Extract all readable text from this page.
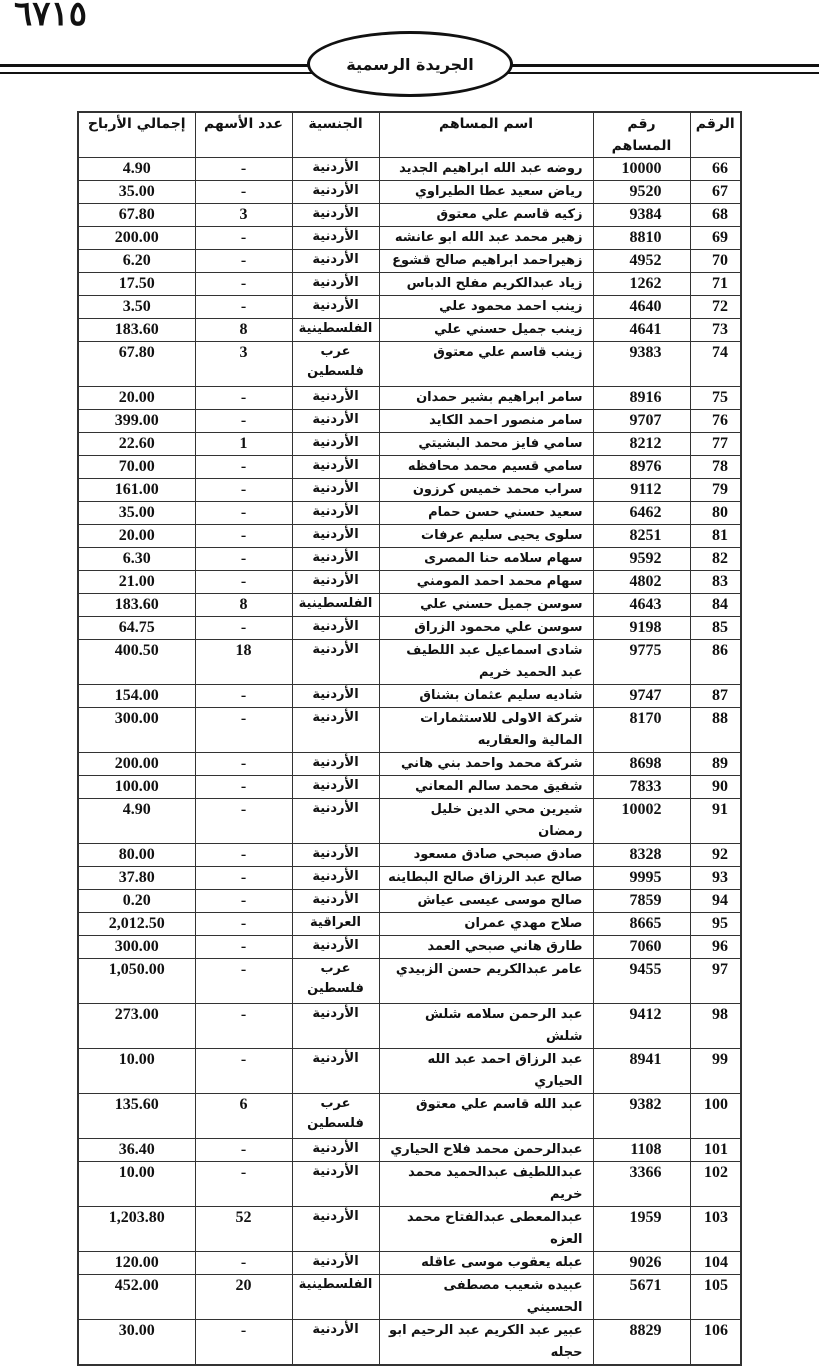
٦٧١٥
الجريدة الرسمية
الرقم	رقم المساهم	اسم المساهم	الجنسية	عدد الأسهم	إجمالي الأرباح
66	10000	روضه عبد الله ابراهيم الجديد	الأردنية	-	4.90
67	9520	رياض سعيد عطا الطيراوي	الأردنية	-	35.00
68	9384	زكيه قاسم علي معتوق	الأردنية	3	67.80
69	8810	زهير محمد عبد الله ابو عانشه	الأردنية	-	200.00
70	4952	زهيراحمد ابراهيم صالح قشوع	الأردنية	-	6.20
71	1262	زياد عبدالكريم مفلح الدباس	الأردنية	-	17.50
72	4640	زينب احمد محمود علي	الأردنية	-	3.50
73	4641	زينب جميل حسني علي	الفلسطينية	8	183.60
74	9383	زينب قاسم علي معتوق	عرب فلسطين	3	67.80
75	8916	سامر ابراهيم بشير حمدان	الأردنية	-	20.00
76	9707	سامر منصور احمد الكايد	الأردنية	-	399.00
77	8212	سامي فايز محمد البشيتي	الأردنية	1	22.60
78	8976	سامي قسيم محمد محافظه	الأردنية	-	70.00
79	9112	سراب محمد خميس كرزون	الأردنية	-	161.00
80	6462	سعيد حسني حسن حمام	الأردنية	-	35.00
81	8251	سلوى يحيى سليم عرفات	الأردنية	-	20.00
82	9592	سهام سلامه حنا المصرى	الأردنية	-	6.30
83	4802	سهام محمد احمد المومني	الأردنية	-	21.00
84	4643	سوسن جميل حسني علي	الفلسطينية	8	183.60
85	9198	سوسن علي محمود الزراق	الأردنية	-	64.75
86	9775	شادى اسماعيل عبد اللطيف عبد الحميد خريم	الأردنية	18	400.50
87	9747	شاديه سليم عثمان بشناق	الأردنية	-	154.00
88	8170	شركة الاولى للاستثمارات المالية والعقاريه	الأردنية	-	300.00
89	8698	شركة محمد واحمد بني هاني	الأردنية	-	200.00
90	7833	شفيق محمد سالم المعاني	الأردنية	-	100.00
91	10002	شيرين محي الدين خليل رمضان	الأردنية	-	4.90
92	8328	صادق صبحي صادق مسعود	الأردنية	-	80.00
93	9995	صالح عبد الرزاق صالح البطاينه	الأردنية	-	37.80
94	7859	صالح موسى عيسى عياش	الأردنية	-	0.20
95	8665	صلاح مهدي عمران	العراقية	-	2,012.50
96	7060	طارق هاني صبحي العمد	الأردنية	-	300.00
97	9455	عامر عبدالكريم حسن الزبيدي	عرب فلسطين	-	1,050.00
98	9412	عبد الرحمن سلامه شلش شلش	الأردنية	-	273.00
99	8941	عبد الرزاق احمد عبد الله الحياري	الأردنية	-	10.00
100	9382	عبد الله قاسم علي معتوق	عرب فلسطين	6	135.60
101	1108	عبدالرحمن محمد فلاح الحياري	الأردنية	-	36.40
102	3366	عبداللطيف عبدالحميد محمد خريم	الأردنية	-	10.00
103	1959	عبدالمعطى عبدالفتاح محمد العزه	الأردنية	52	1,203.80
104	9026	عبله يعقوب موسى عاقله	الأردنية	-	120.00
105	5671	عبيده شعيب مصطفى الحسيني	الفلسطينية	20	452.00
106	8829	عبير عبد الكريم عبد الرحيم ابو حجله	الأردنية	-	30.00
